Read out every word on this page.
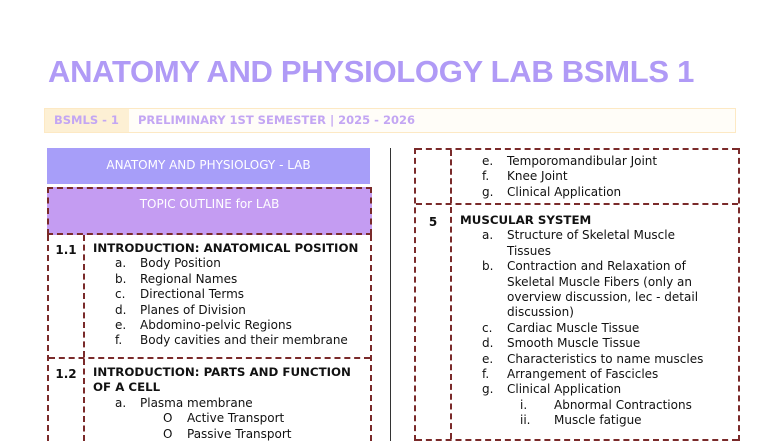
ANATOMY AND PHYSIOLOGY LAB BSMLS 1
BSMLS - 1	PRELIMINARY 1ST SEMESTER | 2025 - 2026
ANATOMY AND PHYSIOLOGY - LAB
TOPIC OUTLINE for LAB
1.1	INTRODUCTION: ANATOMICAL POSITION
a. Body Position
b. Regional Names
c. Directional Terms
d. Planes of Division
e. Abdomino-pelvic Regions
f. Body cavities and their membrane
1.2	INTRODUCTION: PARTS AND FUNCTION
OF A CELL
a. Plasma membrane
O Active Transport
O Passive Transport
e. Temporomandibular Joint
f. Knee Joint
g. Clinical Application
5	MUSCULAR SYSTEM
a. Structure of Skeletal Muscle
Tissues
b. Contraction and Relaxation of
Skeletal Muscle Fibers (only an
overview discussion, lec - detail
discussion)
c. Cardiac Muscle Tissue
d. Smooth Muscle Tissue
e. Characteristics to name muscles
f. Arrangement of Fascicles
g. Clinical Application
i. Abnormal Contractions
ii. Muscle fatigue
